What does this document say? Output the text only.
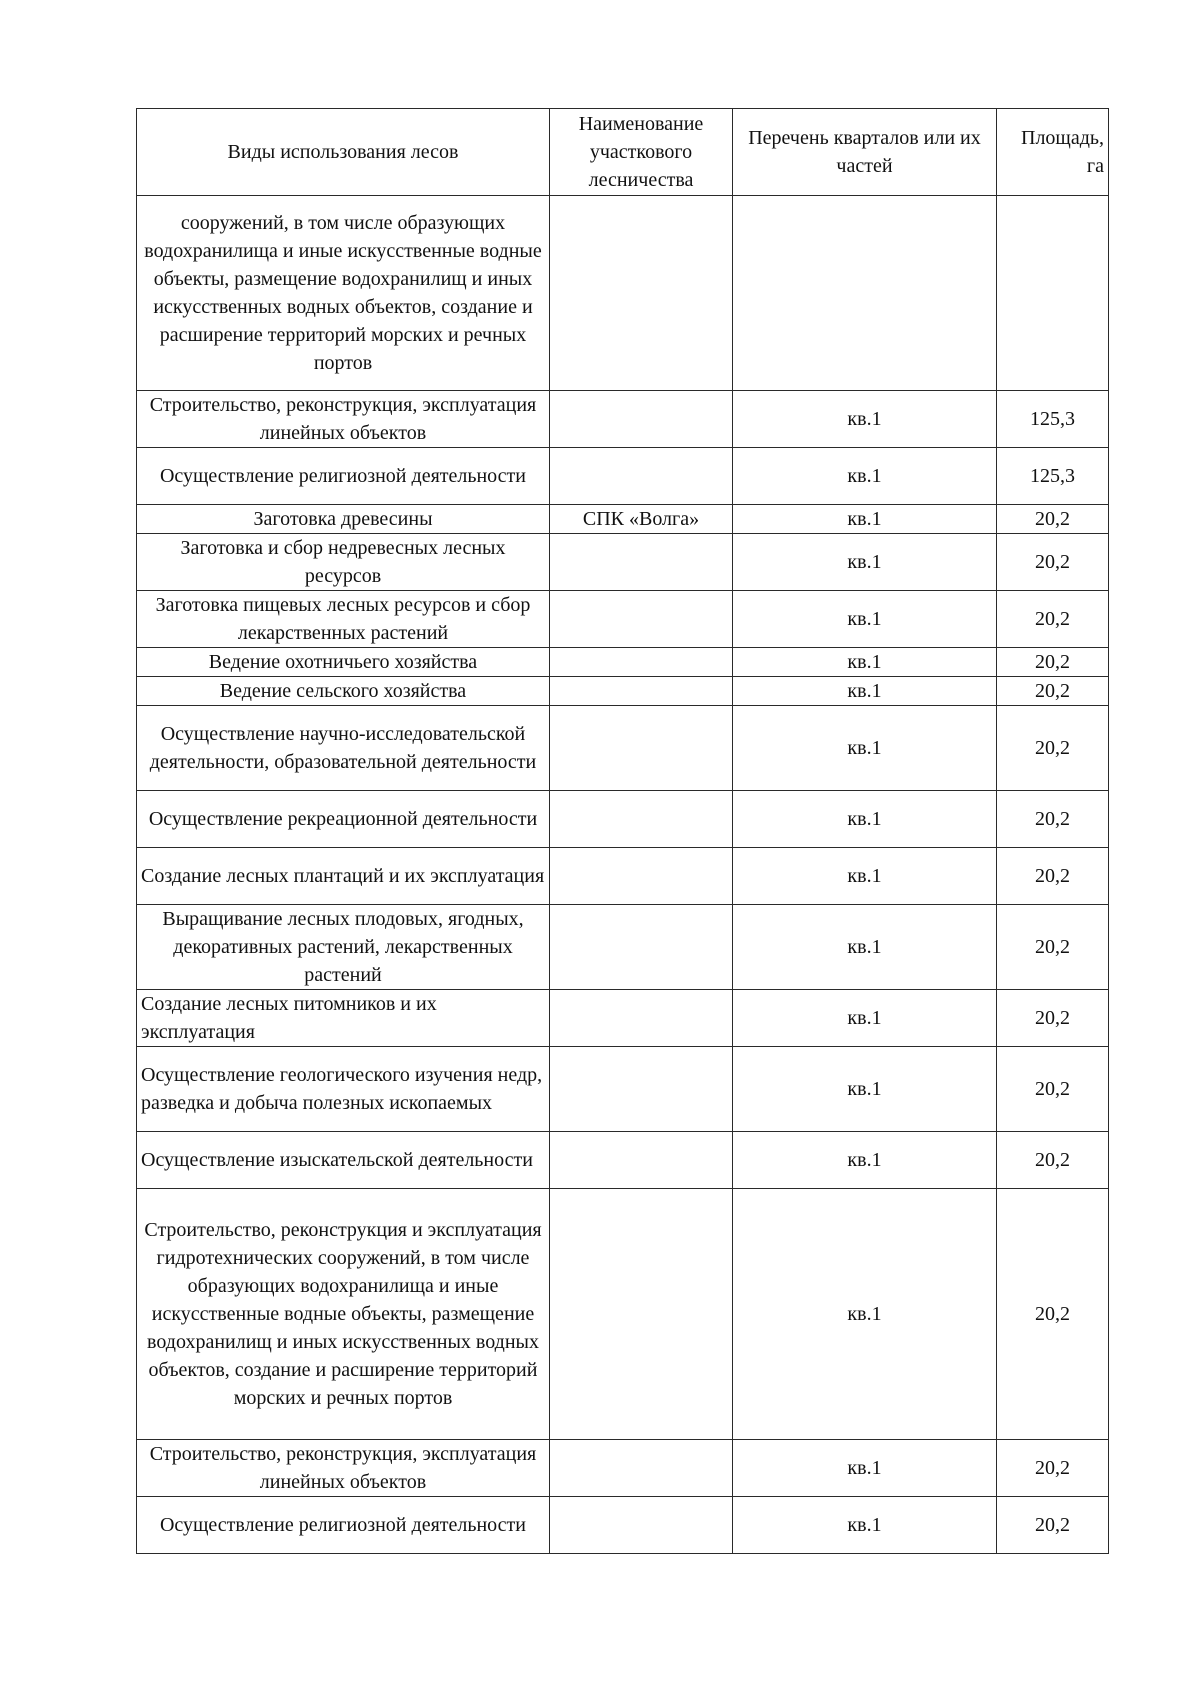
Виды использования лесов	Наименование участкового лесничества	Перечень кварталов или их частей	Площадь, га
сооружений, в том числе образующих водохранилища и иные искусственные водные объекты, размещение водохранилищ и иных искусственных водных объектов, создание и расширение территорий морских и речных портов			
Строительство, реконструкция, эксплуатация линейных объектов		кв.1	125,3
Осуществление религиозной деятельности		кв.1	125,3
Заготовка древесины	СПК «Волга»	кв.1	20,2
Заготовка и сбор недревесных лесных ресурсов		кв.1	20,2
Заготовка пищевых лесных ресурсов и сбор лекарственных растений		кв.1	20,2
Ведение охотничьего хозяйства		кв.1	20,2
Ведение сельского хозяйства		кв.1	20,2
Осуществление научно-исследовательской деятельности, образовательной деятельности		кв.1	20,2
Осуществление рекреационной деятельности		кв.1	20,2
Создание лесных плантаций и их эксплуатация		кв.1	20,2
Выращивание лесных плодовых, ягодных, декоративных растений, лекарственных растений		кв.1	20,2
Создание лесных питомников и их эксплуатация		кв.1	20,2
Осуществление геологического изучения недр, разведка и добыча полезных ископаемых		кв.1	20,2
Осуществление изыскательской деятельности		кв.1	20,2
Строительство, реконструкция и эксплуатация гидротехнических сооружений, в том числе образующих водохранилища и иные искусственные водные объекты, размещение водохранилищ и иных искусственных водных объектов, создание и расширение территорий морских и речных портов		кв.1	20,2
Строительство, реконструкция, эксплуатация линейных объектов		кв.1	20,2
Осуществление религиозной деятельности		кв.1	20,2
